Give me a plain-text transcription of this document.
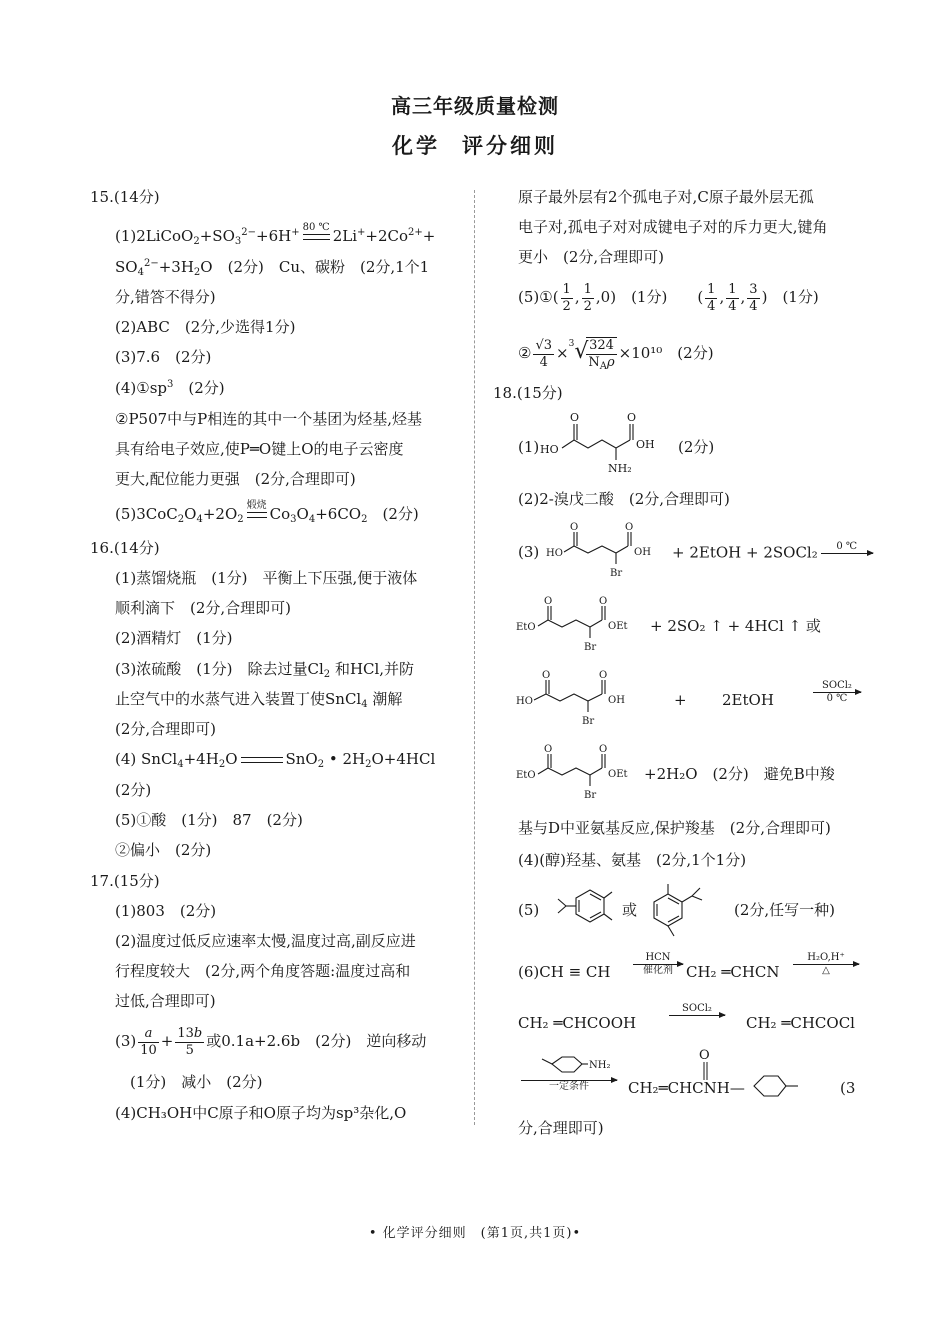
高三年级质量检测
化学 评分细则
15.(14分)
$(1)2LiCoO_2+SO_3^{2-}+6H^+$ 80 ℃
$2Li^++2Co^{2+}+$
$SO_4^{2-}+3H_2O$　(2分)　Cu、碳粉　(2分,1个1
分,错答不得分)
(2)ABC　(2分,少选得1分)
(3)7.6　(2分)
$(4)①sp^3$　 (2分)
②P507中与P相连的其中一个基团为烃基,烃基
具有给电子效应,使P═O键上O的电子云密度
更大,配位能力更强　(2分,合理即可)
$(5)3CoC_2O_4+2O_2$
煅烧
$Co_3O_4+6CO_2$　 (2分)
16.(14分)
(1)蒸馏烧瓶　(1分)　平衡上下压强,便于液体
顺利滴下　(2分,合理即可)
(2)酒精灯　(1分)
(3)浓硫酸　(1分)　除去过量$Cl_2$ 和HCl,并防
止空气中的水蒸气进入装置丁使SnCl$_4$ 潮解
(2分,合理即可)
(4) $SnCl_4+4H_2O$	SnO$_2$ • $2H_2O+4HCl$
(2分)
(5)①酸　(1分)　87　(2分)
②偏小　(2分)
17.(15分)
(1)803　(2分)
(2)温度过低反应速率太慢,温度过高,副反应进
行程度较大　(2分,两个角度答题:温度过高和
过低,合理即可)
$(3) \frac{a}{10} + \frac{13b}{5}$ 或0.1a+2.6b　(2分)　逆向移动
(1分)　减小　(2分)
(4)CH₃OH中C原子和O原子均为sp³杂化,O
原子最外层有2个孤电子对,C原子最外层无孤
电子对,孤电子对对成键电子对的斥力更大,键角
更小　(2分,合理即可)
(5)①( $\frac{1}{2}$ , $\frac{1}{2} ,0$)　(1分)　　( $\frac{1}{4}$ , $\frac{1}{4}$ , $\frac{3}{4}$ )　(1分)
② $\frac{√3}{4} \times^3√$
$\frac{324}{N_A\rho} \times 10^{10}$　(2分)
18.(15分)
(1)
O	O
HO	OH
NH₂
(2分)
(2)2-溴戊二酸　(2分,合理即可)
(3)
O	O
HO	OH
Br
+ 2EtOH + 2SOCl₂	0 ℃

O	O
EtO	OEt
Br
+ 2SO₂ ↑ + 4HCl ↑ 或
O	O
HO	OH
Br
+ 2EtOH
SOCl₂
0 ℃
O	O
EtO	OEt
Br
+2H₂O　(2分)　避免B中羧
基与D中亚氨基反应,保护羧基　(2分,合理即可)
(4)(醇)羟基、氨基　(2分,1个1分)
(5)	或	(2分,任写一种)
(6)CH ≡ CH
HCN
催化剂 CH₂ ═CHCN
H₂O,H⁺
△
CH₂ ═CHCOOH
SOCl₂

CH₂ ═CHCOCl
NH₂
一定条件
O
CH₂═CHCNH—	(3
分,合理即可)
• 化学评分细则　(第1页,共1页)•
